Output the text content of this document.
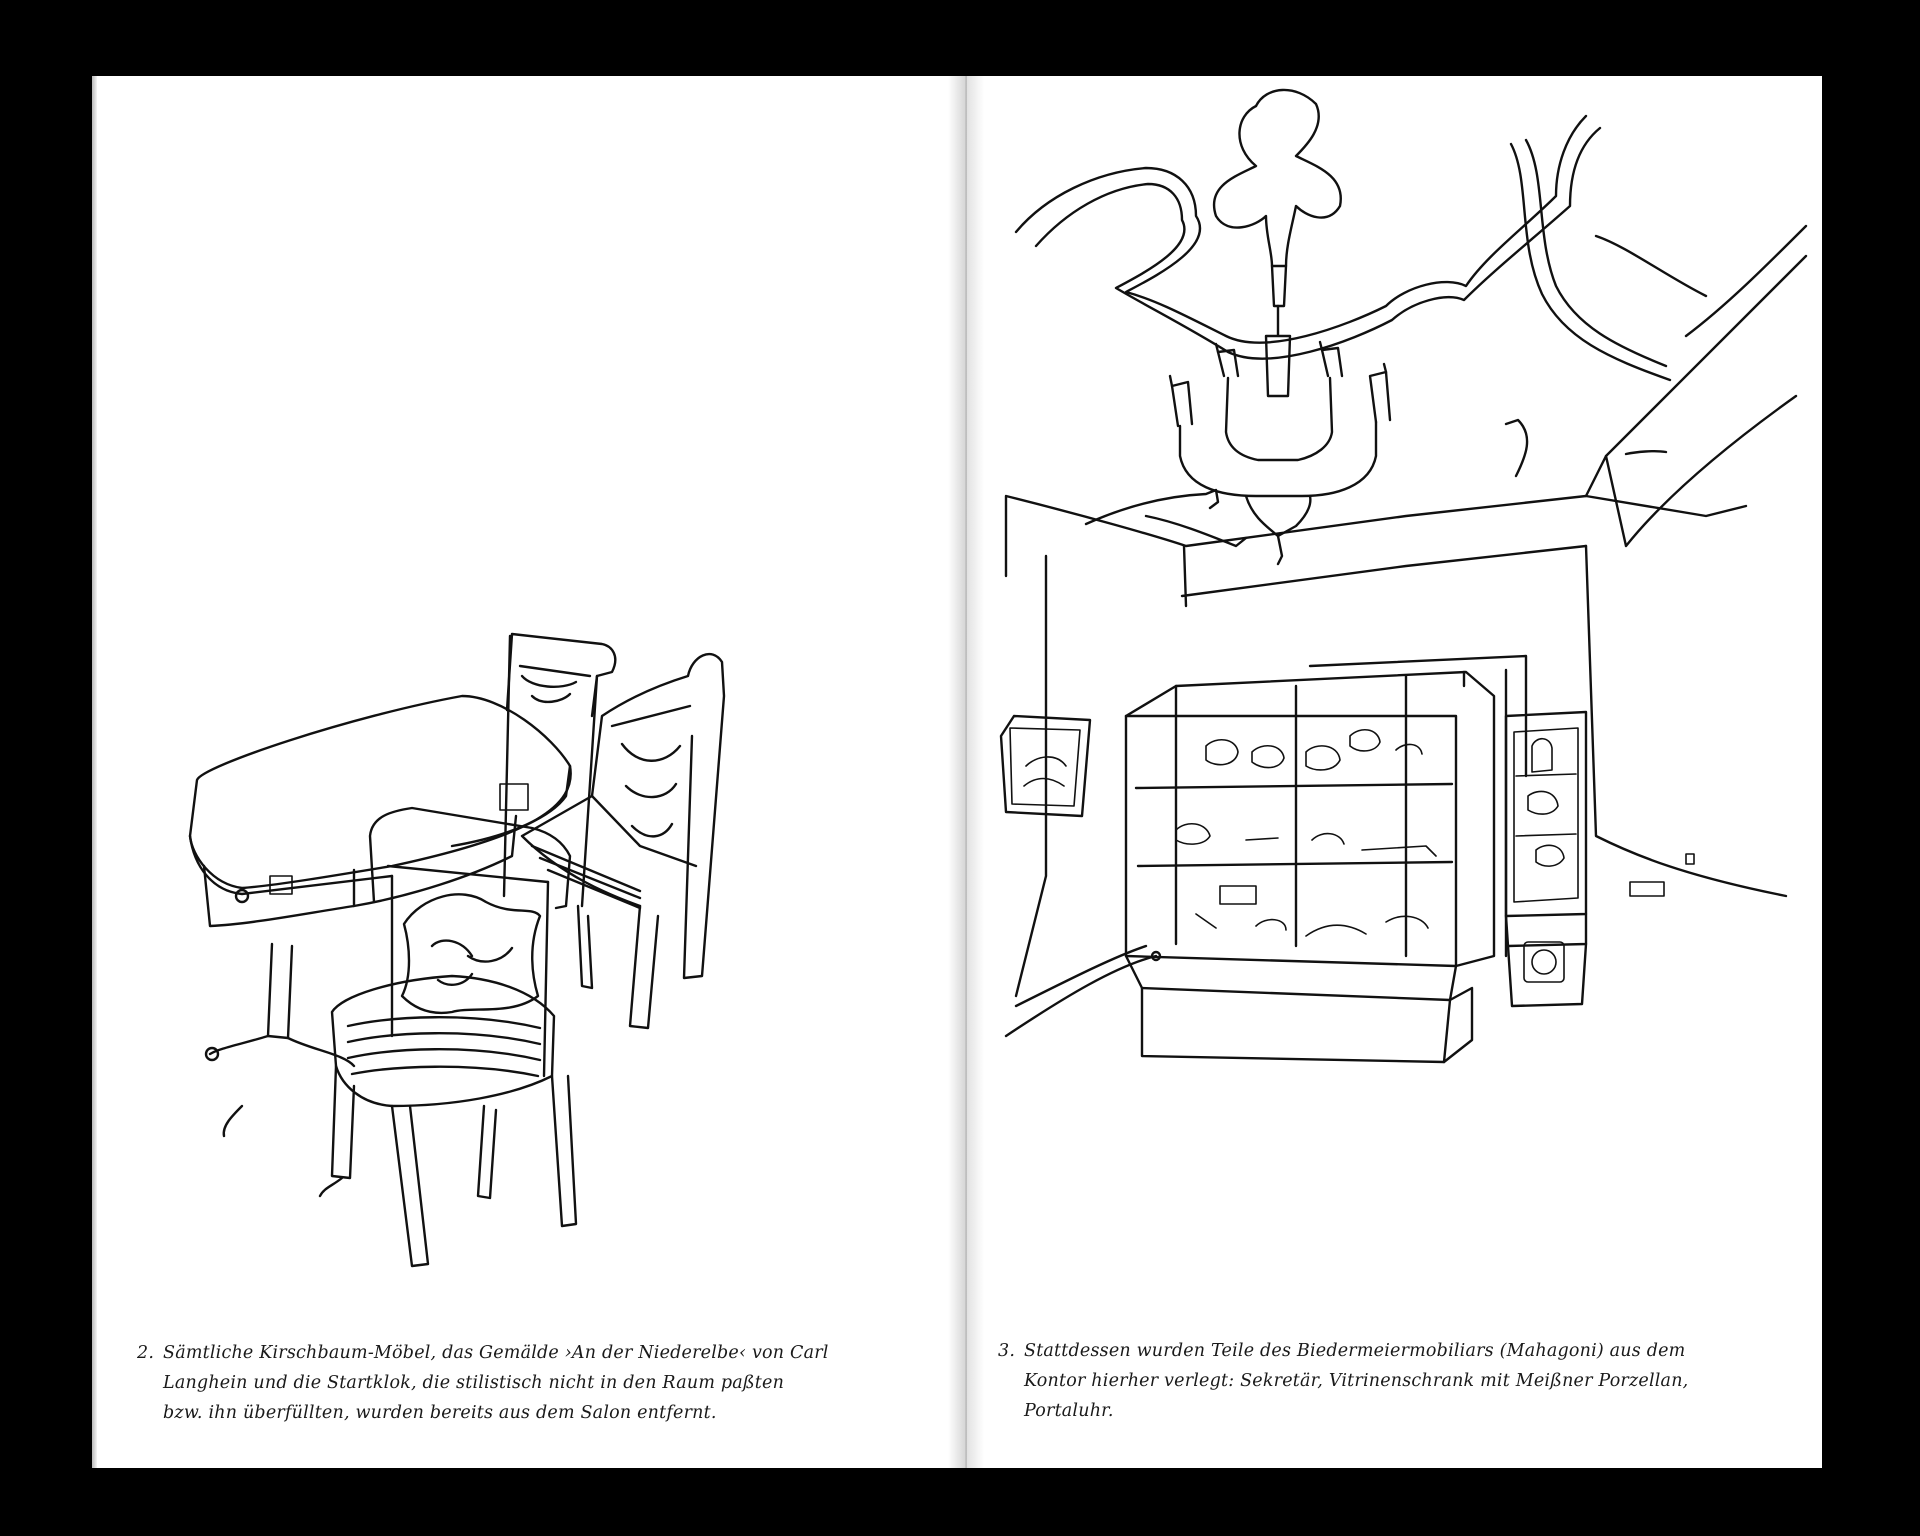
2. Sämtliche Kirschbaum-Möbel, das Gemälde ›An der Niederelbe‹ von Carl
Langhein und die Startklok, die stilistisch nicht in den Raum paßten
bzw. ihn überfüllten, wurden bereits aus dem Salon entfernt.
3. Stattdessen wurden Teile des Biedermeiermobiliars (Mahagoni) aus dem
Kontor hierher verlegt: Sekretär, Vitrinenschrank mit Meißner Porzellan,
Portaluhr.
